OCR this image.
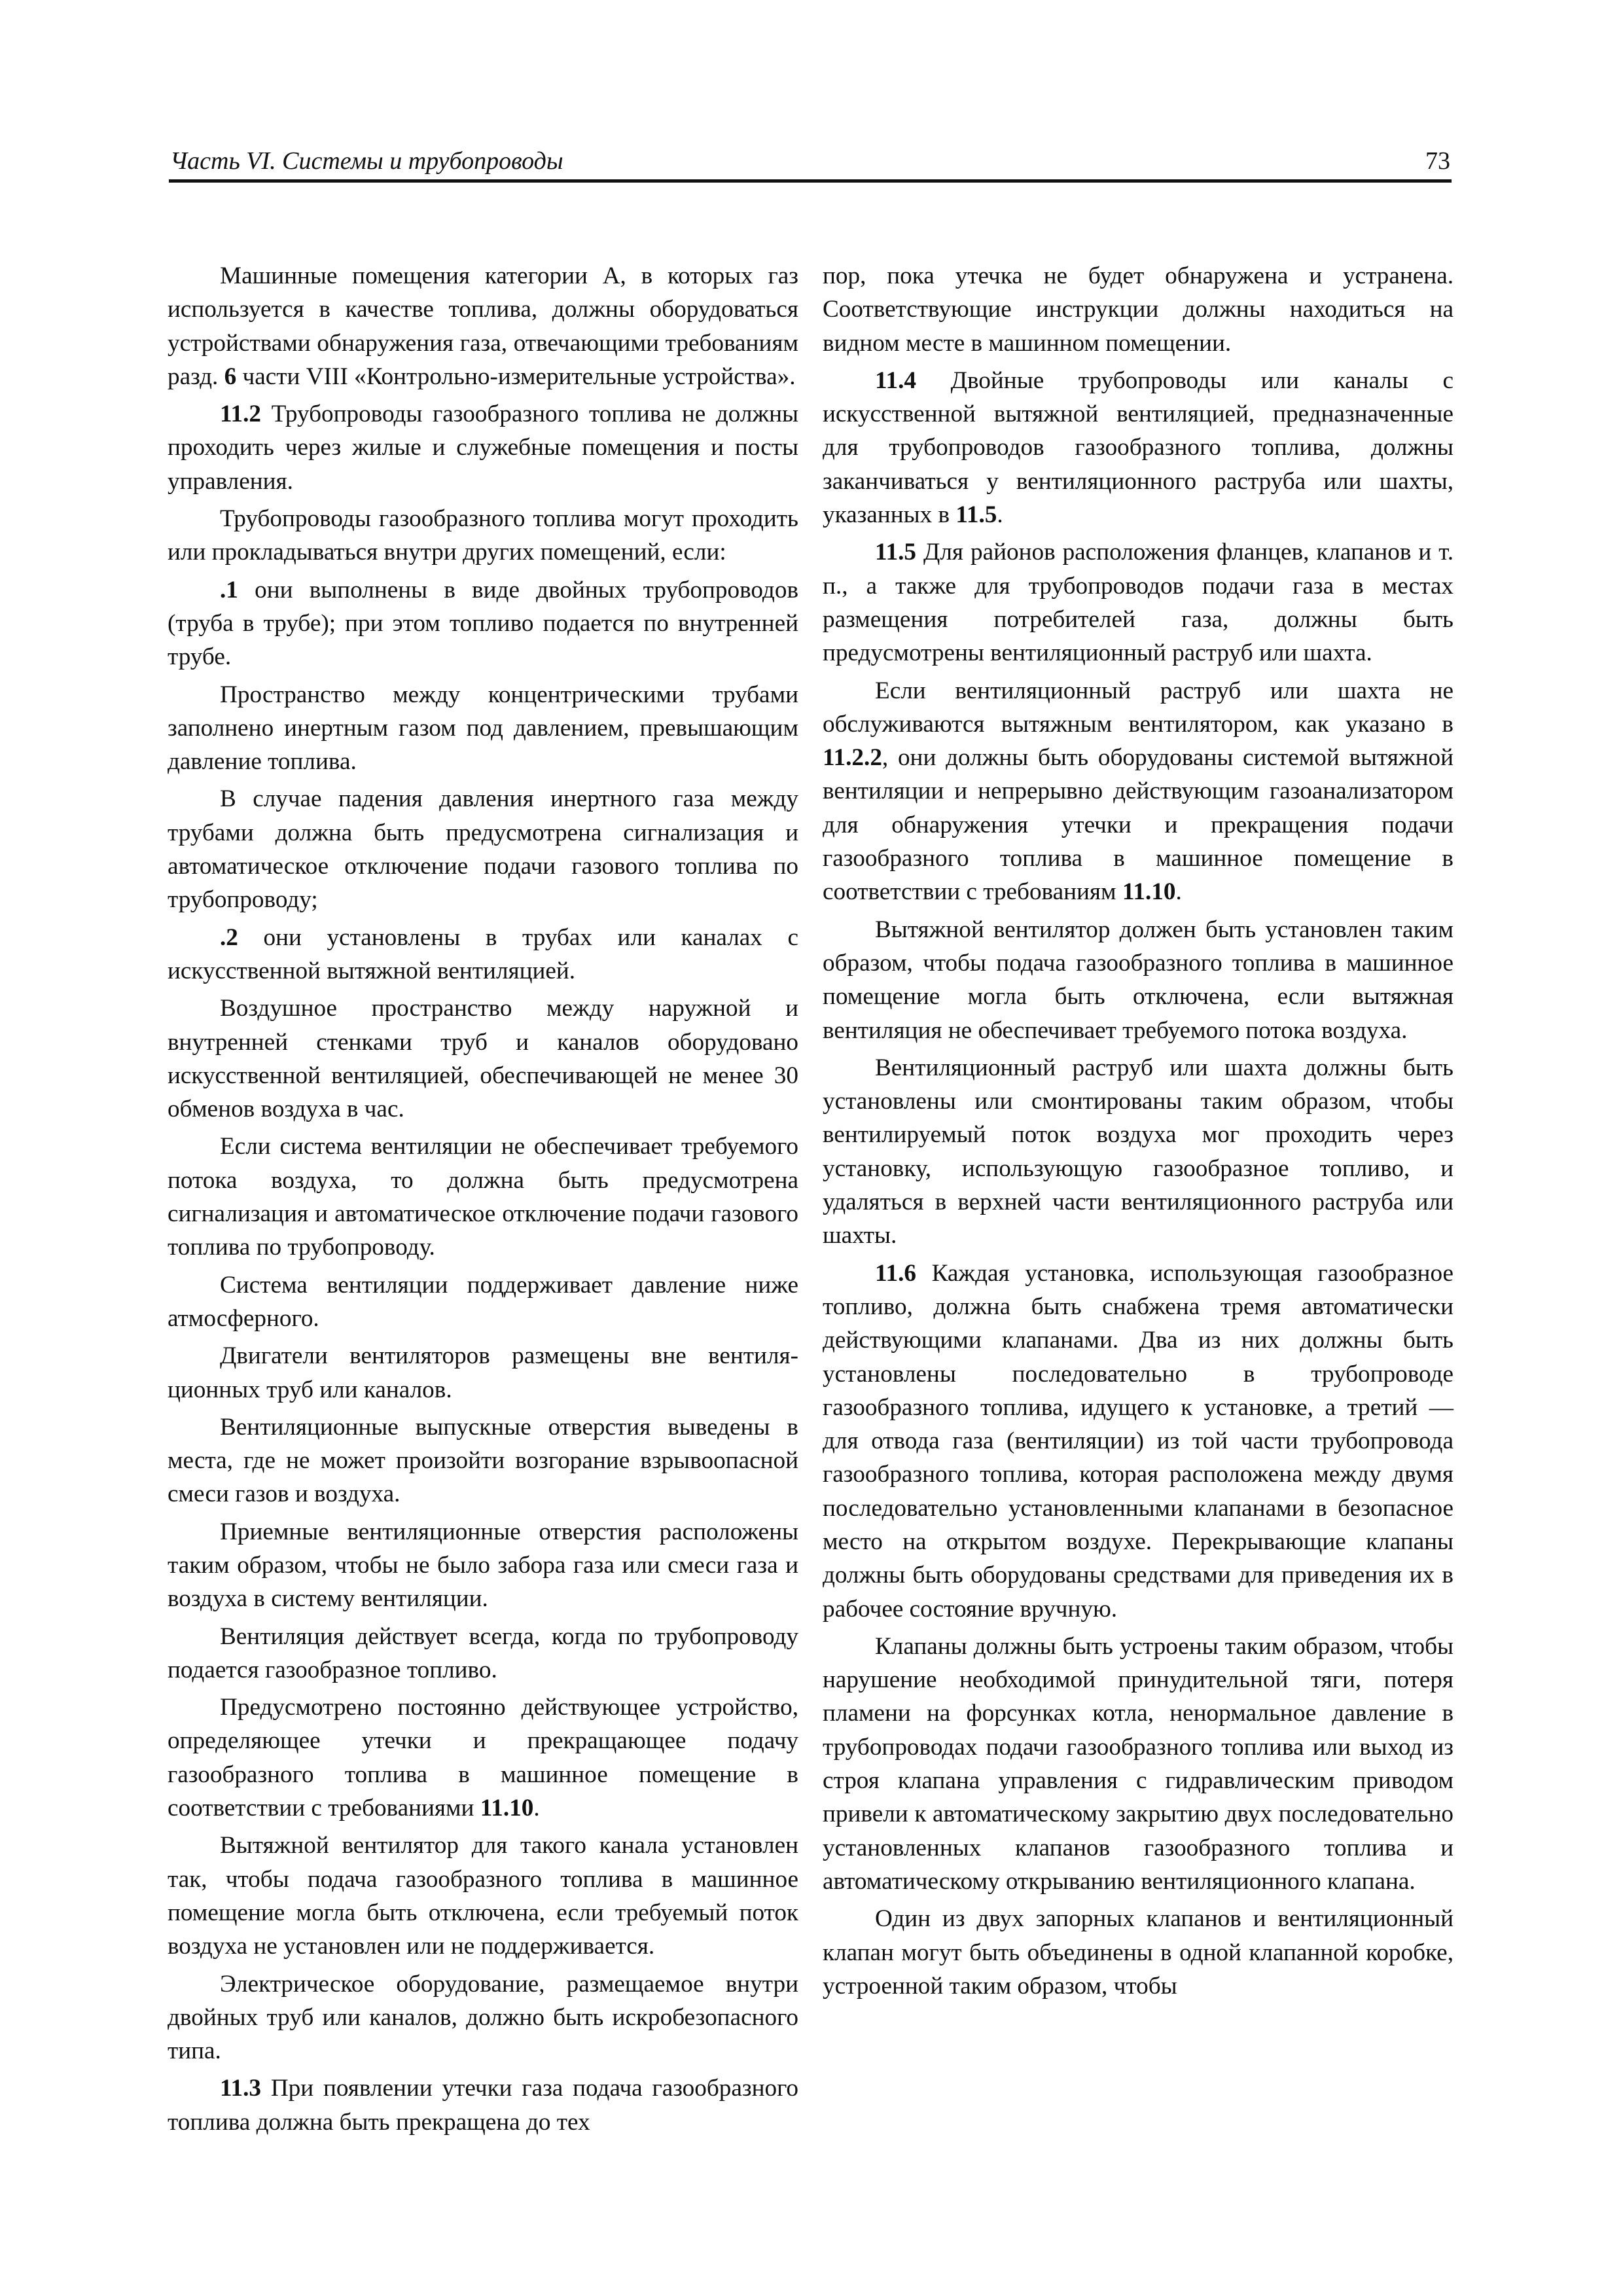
Часть VI. Системы и трубопроводы	73

Машинные помещения категории А, в которых газ используется в качестве топлива, должны оборудоваться устройствами обнаружения газа, отвечающими требованиям разд. 6 части VIII «Контрольно-измерительные устройства».

11.2 Трубопроводы газообразного топлива не должны проходить через жилые и служебные помещения и посты управления.

Трубопроводы газообразного топлива могут проходить или прокладываться внутри других помещений, если:

.1 они выполнены в виде двойных трубопроводов (труба в трубе); при этом топливо подается по внутренней трубе.

Пространство между концентрическими трубами заполнено инертным газом под давлением, превышающим давление топлива.

В случае падения давления инертного газа между трубами должна быть предусмотрена сигнализация и автоматическое отключение подачи газового топлива по трубопроводу;

.2 они установлены в трубах или каналах с искусственной вытяжной вентиляцией.

Воздушное пространство между наружной и внутренней стенками труб и каналов оборудовано искусственной вентиляцией, обеспечивающей не менее 30 обменов воздуха в час.

Если система вентиляции не обеспечивает требуемого потока воздуха, то должна быть предусмотрена сигнализация и автоматическое отключение подачи газового топлива по трубопроводу.

Система вентиляции поддерживает давление ниже атмосферного.

Двигатели вентиляторов размещены вне вентиляционных труб или каналов.

Вентиляционные выпускные отверстия выведены в места, где не может произойти возгорание взрывоопасной смеси газов и воздуха.

Приемные вентиляционные отверстия расположены таким образом, чтобы не было забора газа или смеси газа и воздуха в систему вентиляции.

Вентиляция действует всегда, когда по трубопроводу подается газообразное топливо.

Предусмотрено постоянно действующее устройство, определяющее утечки и прекращающее подачу газообразного топлива в машинное помещение в соответствии с требованиями 11.10.

Вытяжной вентилятор для такого канала установлен так, чтобы подача газообразного топлива в машинное помещение могла быть отключена, если требуемый поток воздуха не установлен или не поддерживается.

Электрическое оборудование, размещаемое внутри двойных труб или каналов, должно быть искробезопасного типа.

11.3 При появлении утечки газа подача газообразного топлива должна быть прекращена до тех

пор, пока утечка не будет обнаружена и устранена. Соответствующие инструкции должны находиться на видном месте в машинном помещении.

11.4 Двойные трубопроводы или каналы с искусственной вытяжной вентиляцией, предназначенные для трубопроводов газообразного топлива, должны заканчиваться у вентиляционного раструба или шахты, указанных в 11.5.

11.5 Для районов расположения фланцев, клапанов и т. п., а также для трубопроводов подачи газа в местах размещения потребителей газа, должны быть предусмотрены вентиляционный раструб или шахта.

Если вентиляционный раструб или шахта не обслуживаются вытяжным вентилятором, как указано в 11.2.2, они должны быть оборудованы системой вытяжной вентиляции и непрерывно действующим газоанализатором для обнаружения утечки и прекращения подачи газообразного топлива в машинное помещение в соответствии с требованиям 11.10.

Вытяжной вентилятор должен быть установлен таким образом, чтобы подача газообразного топлива в машинное помещение могла быть отключена, если вытяжная вентиляция не обеспечивает требуемого потока воздуха.

Вентиляционный раструб или шахта должны быть установлены или смонтированы таким образом, чтобы вентилируемый поток воздуха мог проходить через установку, использующую газообразное топливо, и удаляться в верхней части вентиляционного раструба или шахты.

11.6 Каждая установка, использующая газообразное топливо, должна быть снабжена тремя автоматически действующими клапанами. Два из них должны быть установлены последовательно в трубопроводе газообразного топлива, идущего к установке, а третий — для отвода газа (вентиляции) из той части трубопровода газообразного топлива, которая расположена между двумя последовательно установленными клапанами в безопасное место на открытом воздухе. Перекрывающие клапаны должны быть оборудованы средствами для приведения их в рабочее состояние вручную.

Клапаны должны быть устроены таким образом, чтобы нарушение необходимой принудительной тяги, потеря пламени на форсунках котла, ненормальное давление в трубопроводах подачи газообразного топлива или выход из строя клапана управления с гидравлическим приводом привели к автоматическому закрытию двух последовательно установленных клапанов газообразного топлива и автоматическому открыванию вентиляционного клапана.

Один из двух запорных клапанов и вентиляционный клапан могут быть объединены в одной клапанной коробке, устроенной таким образом, чтобы
